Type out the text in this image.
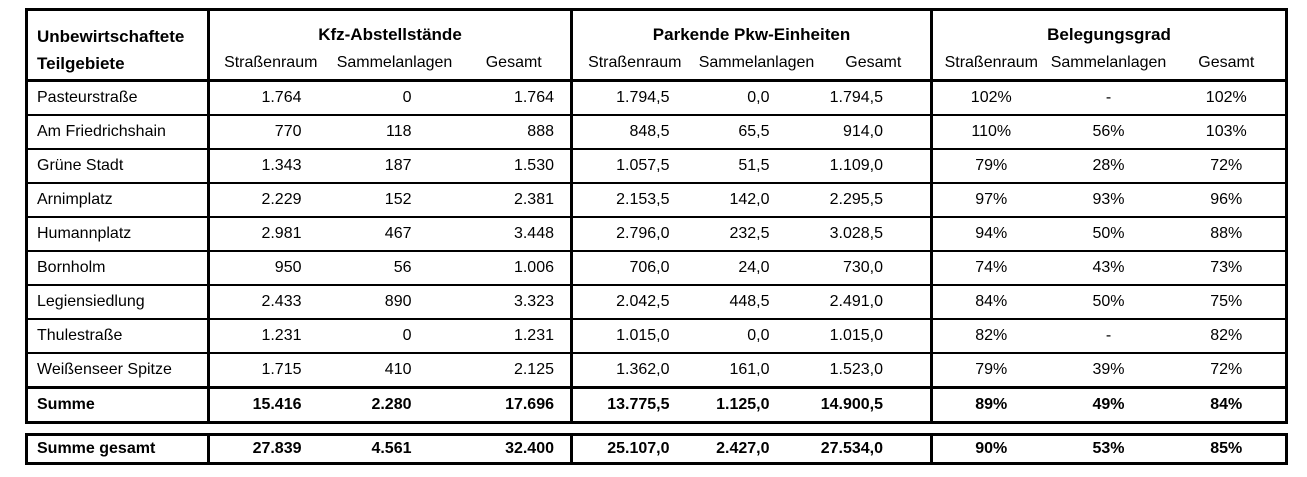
Unbewirtschaftete
Teilgebiete	Kfz-Abstellstände			Parkende Pkw-Einheiten			Belegungsgrad		
	Straßenraum	Sammelanlagen	Gesamt	Straßenraum	Sammelanlagen	Gesamt	Straßenraum	Sammelanlagen	Gesamt
Pasteurstraße	1.764	0	1.764	1.794,5	0,0	1.794,5	102%	-	102%
Am Friedrichshain	770	118	888	848,5	65,5	914,0	110%	56%	103%
Grüne Stadt	1.343	187	1.530	1.057,5	51,5	1.109,0	79%	28%	72%
Arnimplatz	2.229	152	2.381	2.153,5	142,0	2.295,5	97%	93%	96%
Humannplatz	2.981	467	3.448	2.796,0	232,5	3.028,5	94%	50%	88%
Bornholm	950	56	1.006	706,0	24,0	730,0	74%	43%	73%
Legiensiedlung	2.433	890	3.323	2.042,5	448,5	2.491,0	84%	50%	75%
Thulestraße	1.231	0	1.231	1.015,0	0,0	1.015,0	82%	-	82%
Weißenseer Spitze	1.715	410	2.125	1.362,0	161,0	1.523,0	79%	39%	72%
Summe	15.416	2.280	17.696	13.775,5	1.125,0	14.900,5	89%	49%	84%
Summe gesamt	27.839	4.561	32.400	25.107,0	2.427,0	27.534,0	90%	53%	85%
